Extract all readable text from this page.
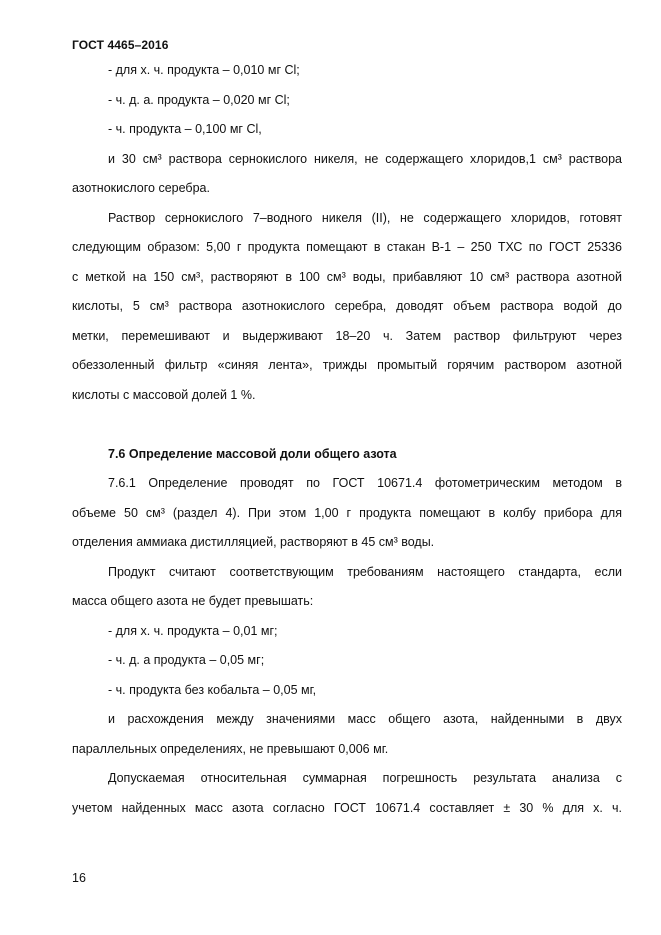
ГОСТ 4465–2016
- для х. ч. продукта – 0,010 мг Cl;
- ч. д. а. продукта – 0,020 мг Cl;
- ч. продукта – 0,100 мг Cl,
и 30 см³ раствора сернокислого никеля, не содержащего хлоридов,1 см³ раствора
азотнокислого серебра.
Раствор сернокислого 7–водного никеля (II), не содержащего хлоридов, готовят
следующим образом: 5,00 г продукта помещают в стакан В-1 – 250 ТХС по ГОСТ 25336
с меткой на 150 см³, растворяют в 100 см³ воды, прибавляют 10 см³ раствора азотной
кислоты, 5 см³ раствора азотнокислого серебра, доводят объем раствора водой до
метки, перемешивают и выдерживают 18–20 ч. Затем раствор фильтруют через
обеззоленный фильтр «синяя лента», трижды промытый горячим раствором азотной
кислоты с массовой долей 1 %.
7.6 Определение массовой доли общего азота
7.6.1 Определение проводят по ГОСТ 10671.4 фотометрическим методом в
объеме 50 см³ (раздел 4). При этом 1,00 г продукта помещают в колбу прибора для
отделения аммиака дистилляцией, растворяют в 45 см³ воды.
Продукт считают соответствующим требованиям настоящего стандарта, если
масса общего азота не будет превышать:
- для х. ч. продукта – 0,01 мг;
- ч. д. а продукта – 0,05 мг;
- ч. продукта без кобальта – 0,05 мг,
и расхождения между значениями масс общего азота, найденными в двух
параллельных определениях, не превышают 0,006 мг.
Допускаемая относительная суммарная погрешность результата анализа с
учетом найденных масс азота согласно ГОСТ 10671.4 составляет ± 30 % для х. ч.
16
